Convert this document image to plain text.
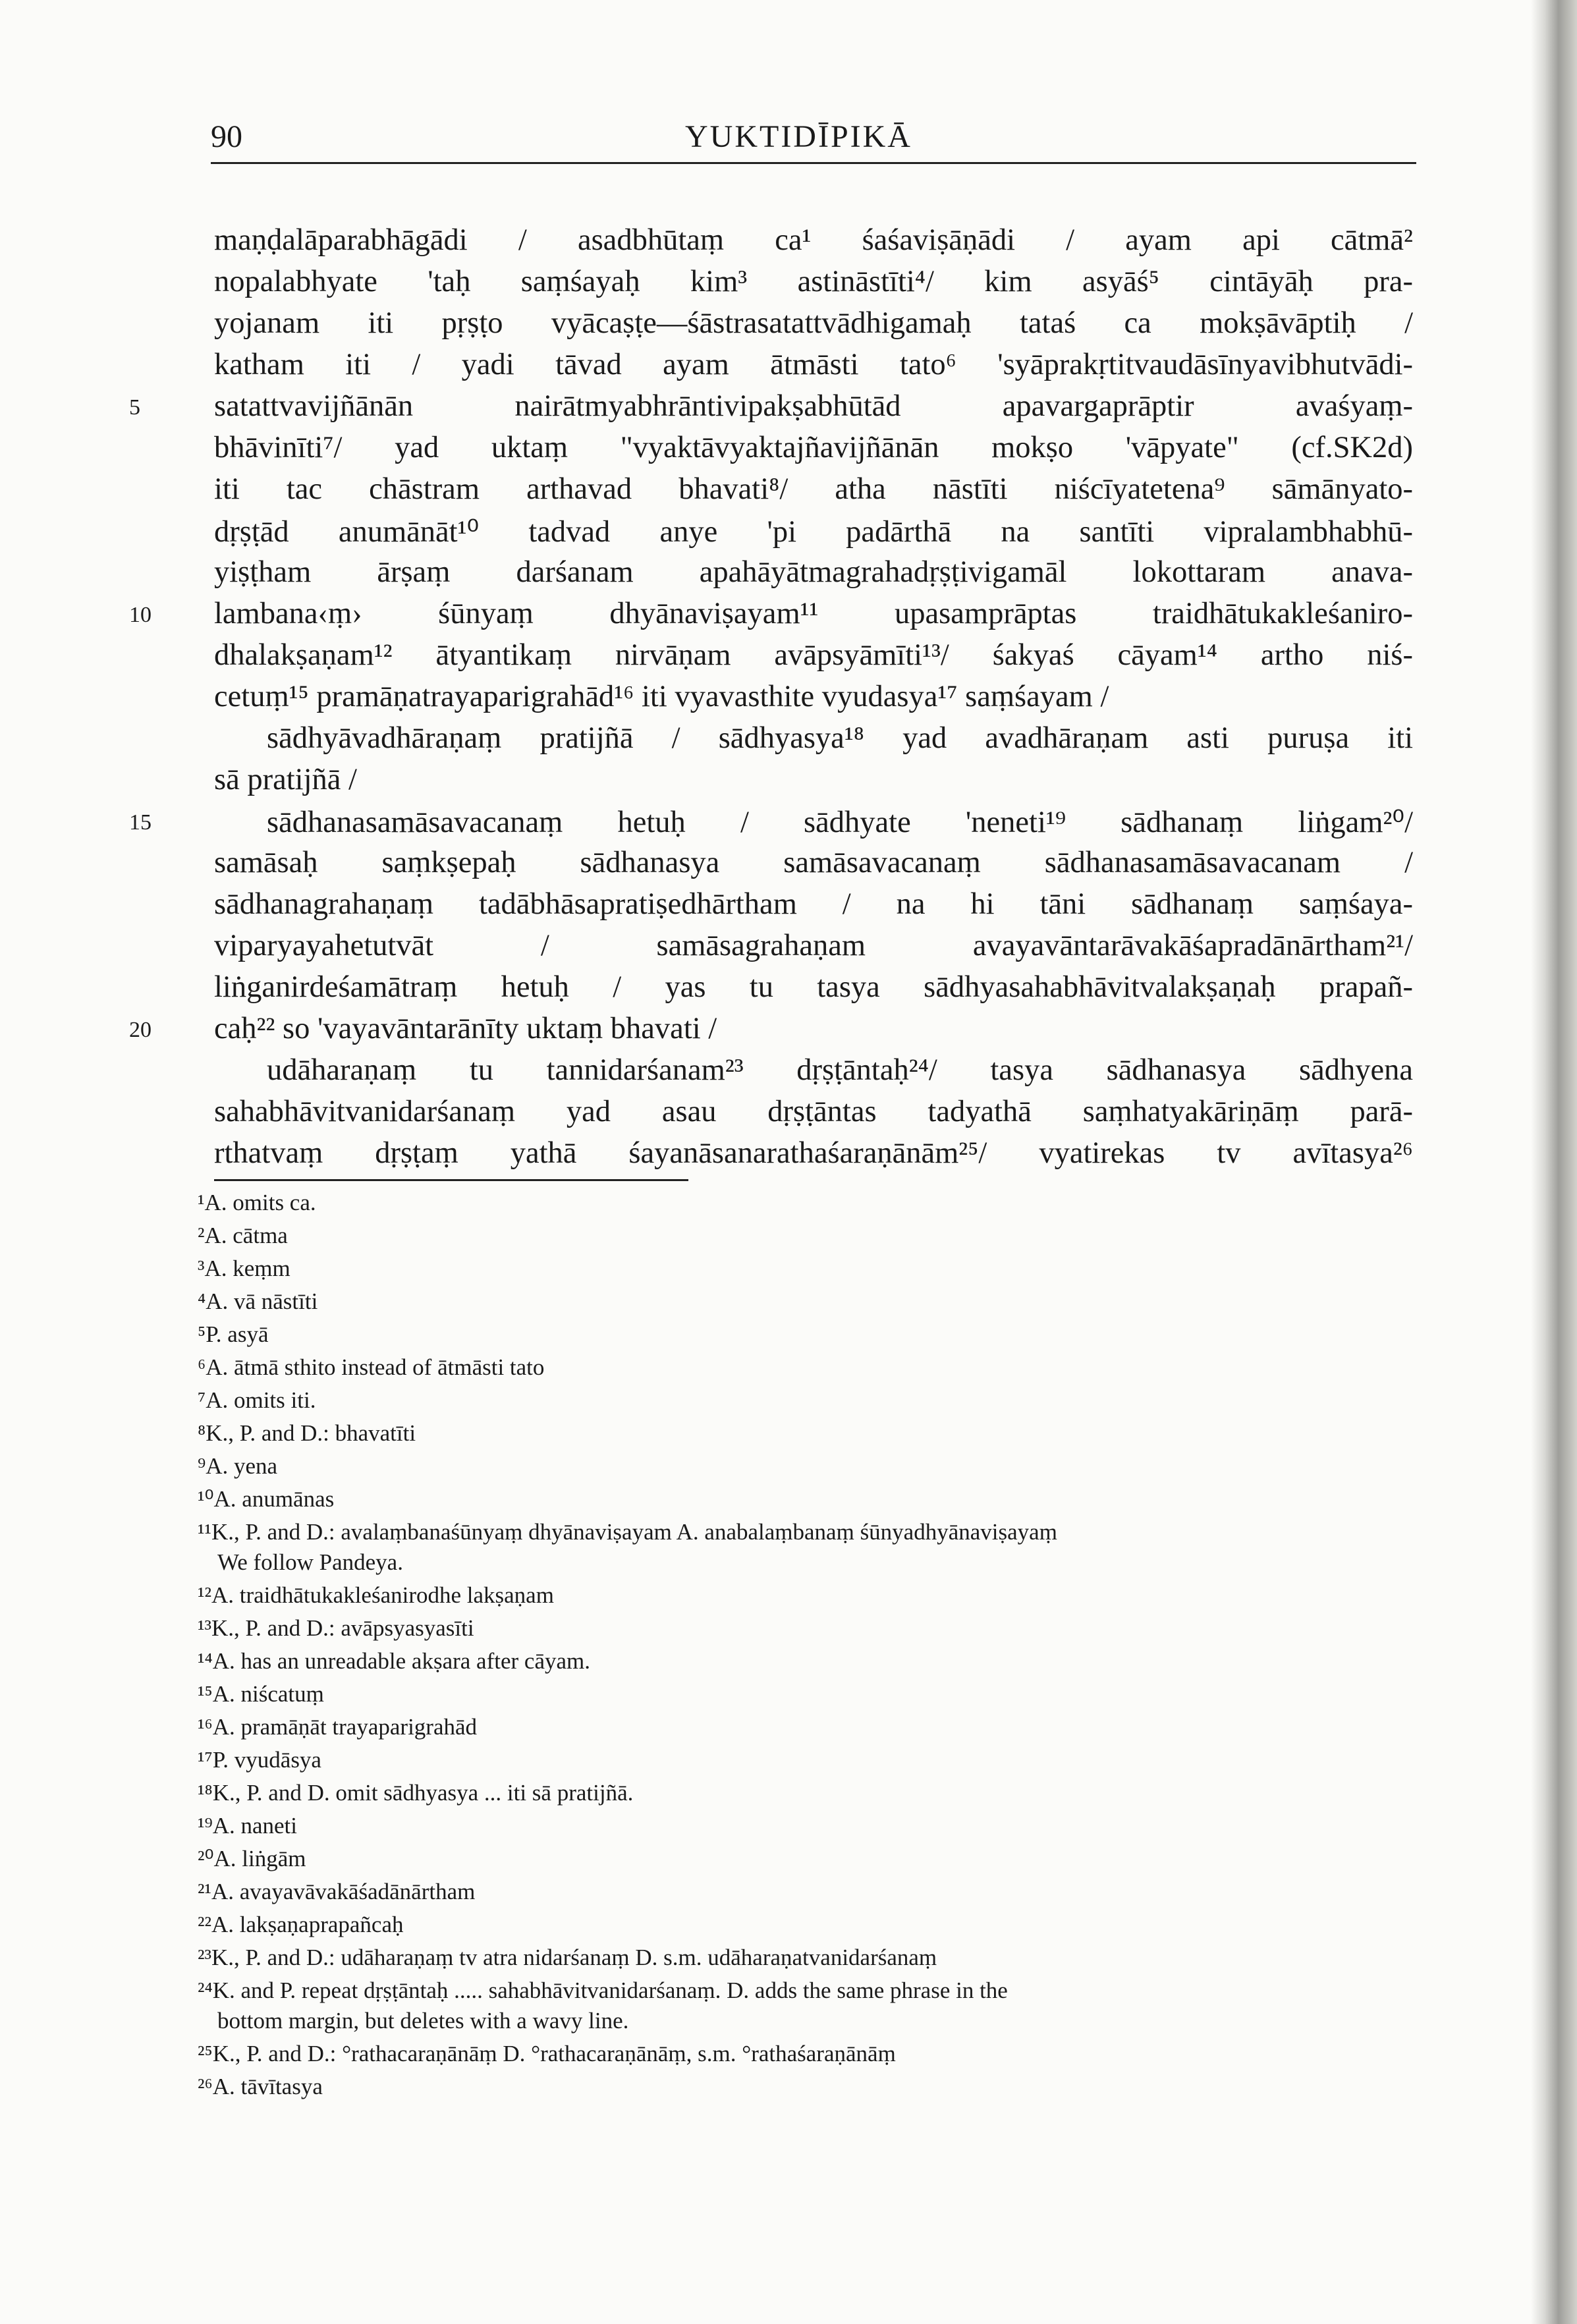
90	YUKTIDĪPIKĀ
5
10
15
20
maṇḍalāparabhāgādi / asadbhūtaṃ ca¹ śaśaviṣāṇādi / ayam api cātmā²
nopalabhyate 'taḥ saṃśayaḥ kim³ astināstīti⁴/ kim asyāś⁵ cintāyāḥ pra-
yojanam iti pṛṣṭo vyācaṣṭe—śāstrasatattvādhigamaḥ tataś ca mokṣāvāptiḥ /
katham iti / yadi tāvad ayam ātmāsti tato⁶ 'syāprakṛtitvaudāsīnyavibhutvādi-
satattvavijñānān nairātmyabhrāntivipakṣabhūtād apavargaprāptir avaśyaṃ-
bhāvinīti⁷/ yad uktaṃ "vyaktāvyaktajñavijñānān mokṣo 'vāpyate" (cf.SK2d)
iti tac chāstram arthavad bhavati⁸/ atha nāstīti niścīyatetena⁹ sāmānyato-
dṛṣṭād anumānāt¹⁰ tadvad anye 'pi padārthā na santīti vipralambhabhū-
yiṣṭham ārṣaṃ darśanam apahāyātmagrahadṛṣṭivigamāl lokottaram anava-
lambana‹ṃ› śūnyaṃ dhyānaviṣayam¹¹ upasamprāptas traidhātukakleśaniro-
dhalakṣaṇam¹² ātyantikaṃ nirvāṇam avāpsyāmīti¹³/ śakyaś cāyam¹⁴ artho niś-
cetuṃ¹⁵ pramāṇatrayaparigrahād¹⁶ iti vyavasthite vyudasya¹⁷ saṃśayam /
sādhyāvadhāraṇaṃ pratijñā / sādhyasya¹⁸ yad avadhāraṇam asti puruṣa iti
sā pratijñā /
sādhanasamāsavacanaṃ hetuḥ / sādhyate 'neneti¹⁹ sādhanaṃ liṅgam²⁰/
samāsaḥ saṃkṣepaḥ sādhanasya samāsavacanaṃ sādhanasamāsavacanam /
sādhanagrahaṇaṃ tadābhāsapratiṣedhārtham / na hi tāni sādhanaṃ saṃśaya-
viparyayahetutvāt / samāsagrahaṇam avayavāntarāvakāśapradānārtham²¹/
liṅganirdeśamātraṃ hetuḥ / yas tu tasya sādhyasahabhāvitvalakṣaṇaḥ prapañ-
caḥ²² so 'vayavāntarānīty uktaṃ bhavati /
udāharaṇaṃ tu tannidarśanam²³ dṛṣṭāntaḥ²⁴/ tasya sādhanasya sādhyena
sahabhāvitvanidarśanaṃ yad asau dṛṣṭāntas tadyathā saṃhatyakāriṇāṃ parā-
rthatvaṃ dṛṣṭaṃ yathā śayanāsanarathaśaraṇānām²⁵/ vyatirekas tv avītasya²⁶
¹A. omits ca.
²A. cātma
³A. keṃm
⁴A. vā nāstīti
⁵P. asyā
⁶A. ātmā sthito instead of ātmāsti tato
⁷A. omits iti.
⁸K., P. and D.: bhavatīti
⁹A. yena
¹⁰A. anumānas
¹¹K., P. and D.: avalaṃbanaśūnyaṃ dhyānaviṣayam A. anabalaṃbanaṃ śūnyadhyānaviṣayaṃ
We follow Pandeya.
¹²A. traidhātukakleśanirodhe lakṣaṇam
¹³K., P. and D.: avāpsyasyasīti
¹⁴A. has an unreadable akṣara after cāyam.
¹⁵A. niścatuṃ
¹⁶A. pramāṇāt trayaparigrahād
¹⁷P. vyudāsya
¹⁸K., P. and D. omit sādhyasya ... iti sā pratijñā.
¹⁹A. naneti
²⁰A. liṅgām
²¹A. avayavāvakāśadānārtham
²²A. lakṣaṇaprapañcaḥ
²³K., P. and D.: udāharaṇaṃ tv atra nidarśanaṃ D. s.m. udāharaṇatvanidarśanaṃ
²⁴K. and P. repeat dṛṣṭāntaḥ ..... sahabhāvitvanidarśanaṃ. D. adds the same phrase in the
bottom margin, but deletes with a wavy line.
²⁵K., P. and D.: °rathacaraṇānāṃ D. °rathacaraṇānāṃ, s.m. °rathaśaraṇānāṃ
²⁶A. tāvītasya
